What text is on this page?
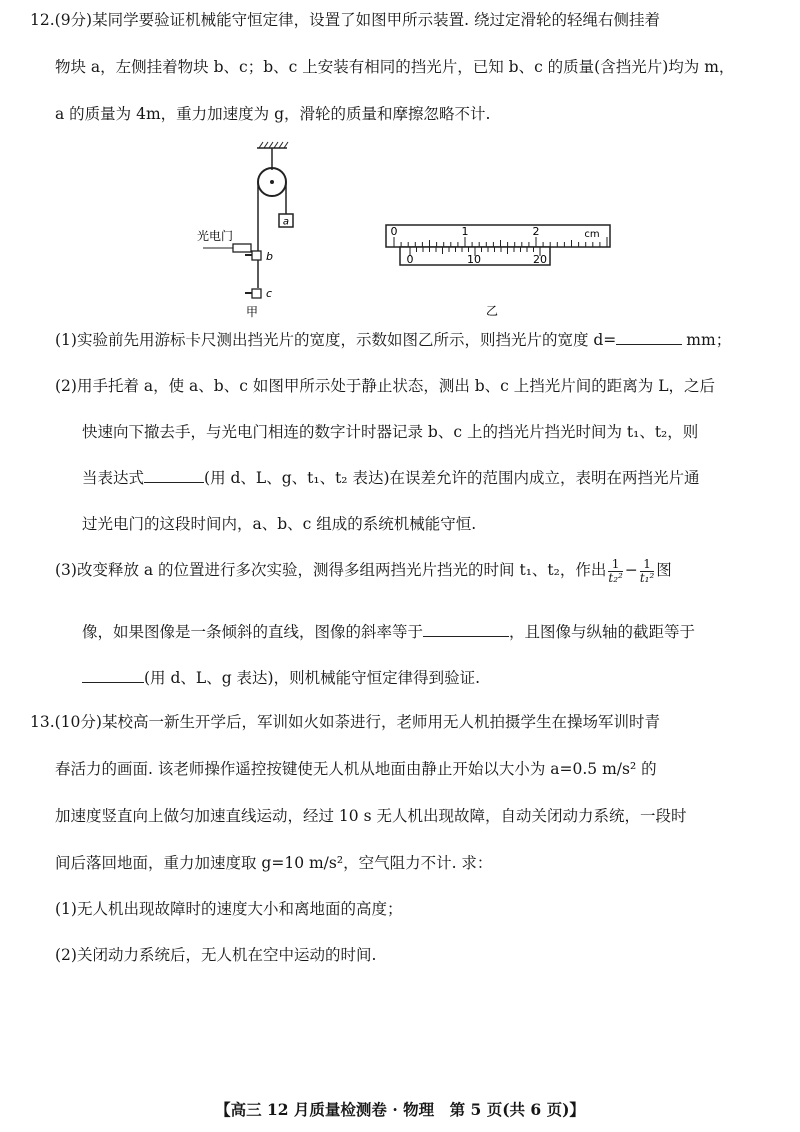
12.(9分)某同学要验证机械能守恒定律，设置了如图甲所示装置. 绕过定滑轮的轻绳右侧挂着
物块 a，左侧挂着物块 b、c；b、c 上安装有相同的挡光片，已知 b、c 的质量(含挡光片)均为 m，
a 的质量为 4m，重力加速度为 g，滑轮的质量和摩擦忽略不计.
a
光电门
b
c
甲
0	1	2	cm
0	10	20
乙
(1)实验前先用游标卡尺测出挡光片的宽度，示数如图乙所示，则挡光片的宽度 d=	mm；
(2)用手托着 a，使 a、b、c 如图甲所示处于静止状态，测出 b、c 上挡光片间的距离为 L，之后
快速向下撤去手，与光电门相连的数字计时器记录 b、c 上的挡光片挡光时间为 t₁、t₂，则
当表达式	(用 d、L、g、t₁、t₂ 表达)在误差允许的范围内成立，表明在两挡光片通
过光电门的这段时间内，a、b、c 组成的系统机械能守恒.
(3)改变释放 a 的位置进行多次实验，测得多组两挡光片挡光的时间 t₁、t₂，作出 $\frac{1}{\text{t₂²}} - \frac{1}{\text{t₁²}}$ 图
像，如果图像是一条倾斜的直线，图像的斜率等于	，且图像与纵轴的截距等于
(用 d、L、g 表达)，则机械能守恒定律得到验证.
13.(10分)某校高一新生开学后，军训如火如荼进行，老师用无人机拍摄学生在操场军训时青
春活力的画面. 该老师操作遥控按键使无人机从地面由静止开始以大小为 a=0.5 m/s² 的
加速度竖直向上做匀加速直线运动，经过 10 s 无人机出现故障，自动关闭动力系统，一段时
间后落回地面，重力加速度取 g=10 m/s²，空气阻力不计. 求：
(1)无人机出现故障时的速度大小和离地面的高度；
(2)关闭动力系统后，无人机在空中运动的时间.
【高三 12 月质量检测卷 · 物理　第 5 页(共 6 页)】
